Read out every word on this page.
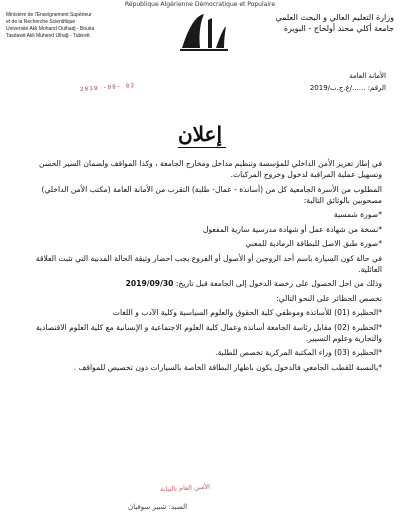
République Algérienne Démocratique et Populaire
Ministère de l'Enseignement Supérieur
et de la Recherche Scientifique
Université Akli Mohand Oulhadj - Bouira
Tasdawit Akli Muhend Ulhağ - Tubirett
وزارة التعليم العالي و البحث العلمي
جامعة أكلي محند أولحاج - البويرة
الأمانة العامة
الرقم: ....../ع.ج.ب/2019
2019 -09- 02
إعلان

في إطار تعزيز الأمن الداخلي للمؤسسة وتنظيم مداخل ومخارج الجامعة ، وكذا المواقف ولضمان السير الحسن وتسهيل عملية المراقبة لدخول وخروج المركبات.

المطلوب من الأسرة الجامعية كل من (أساتذة - عمال- طلبة) التقرب من الأمانة العامة (مكتب الأمن الداخلي) مصحوبين بالوثائق التالية:

*صورة شمسية

*نسخة من شهادة عمل أو شهادة مدرسية سارية المفعول

*صورة طبق الاصل للبطاقة الرمادية للمعني

في حالة كون السيارة باسم أحد الزوجين أو الأصول أو الفروع يجب احضار وثيقة الحالة المدنية التي تثبت العلاقة العائلية.

وذلك من اجل الحصول على رخصة الدخول إلى الجامعة قبل تاريخ: 2019/09/30

تخصص الحظائر على النحو التالي:

*الحظيرة (01) للأساتذة وموظفي كلية الحقوق والعلوم السياسية وكلية الآدب و اللغات

*الحظيرة (02) مقابل رئاسة الجامعة أساتذة وعمال كلية العلوم الاجتماعية و الإنسانية مع كلية العلوم الاقتصادية والتجارية وعلوم التسيير.

*الحظيرة (03) وراء المكتبة المركزية تخصص للطلبة.

*بالنسبة للقطب الجامعي فالدخول يكون باظهار البطاقة الخاصة بالسيارات دون تخصيص للمواقف .

الأمين العام بالنيابة
السيد: شبير سوفيان
